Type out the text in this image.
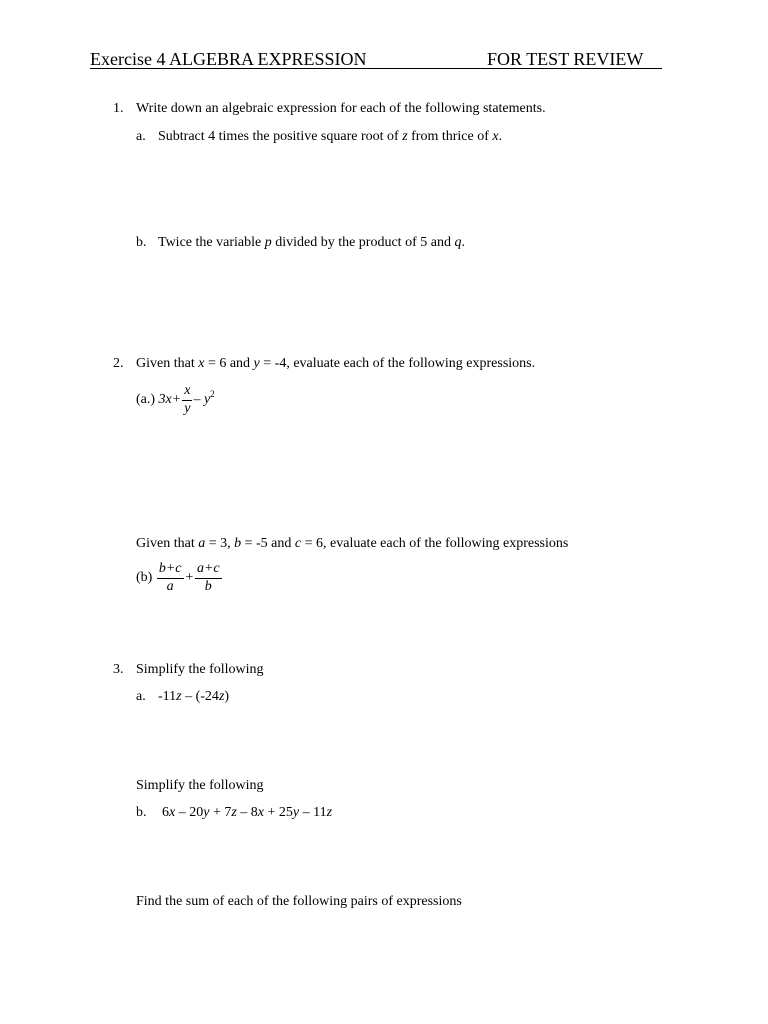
Exercise 4 ALGEBRA EXPRESSION	FOR TEST REVIEW
1. Write down an algebraic expression for each of the following statements.
a. Subtract 4 times the positive square root of z from thrice of x.
b. Twice the variable p divided by the product of 5 and q.
2. Given that x = 6 and y = -4, evaluate each of the following expressions.
(a.) $3x+ \frac{x}{y} - y^2$
Given that a = 3, b = -5 and c = 6, evaluate each of the following expressions
$(b) \frac{b+c}{a} + \frac{a+c}{b}$
3. Simplify the following
a. -11z – (-24z)
Simplify the following
b. 6x – 20y + 7z – 8x + 25y – 11z
Find the sum of each of the following pairs of expressions
